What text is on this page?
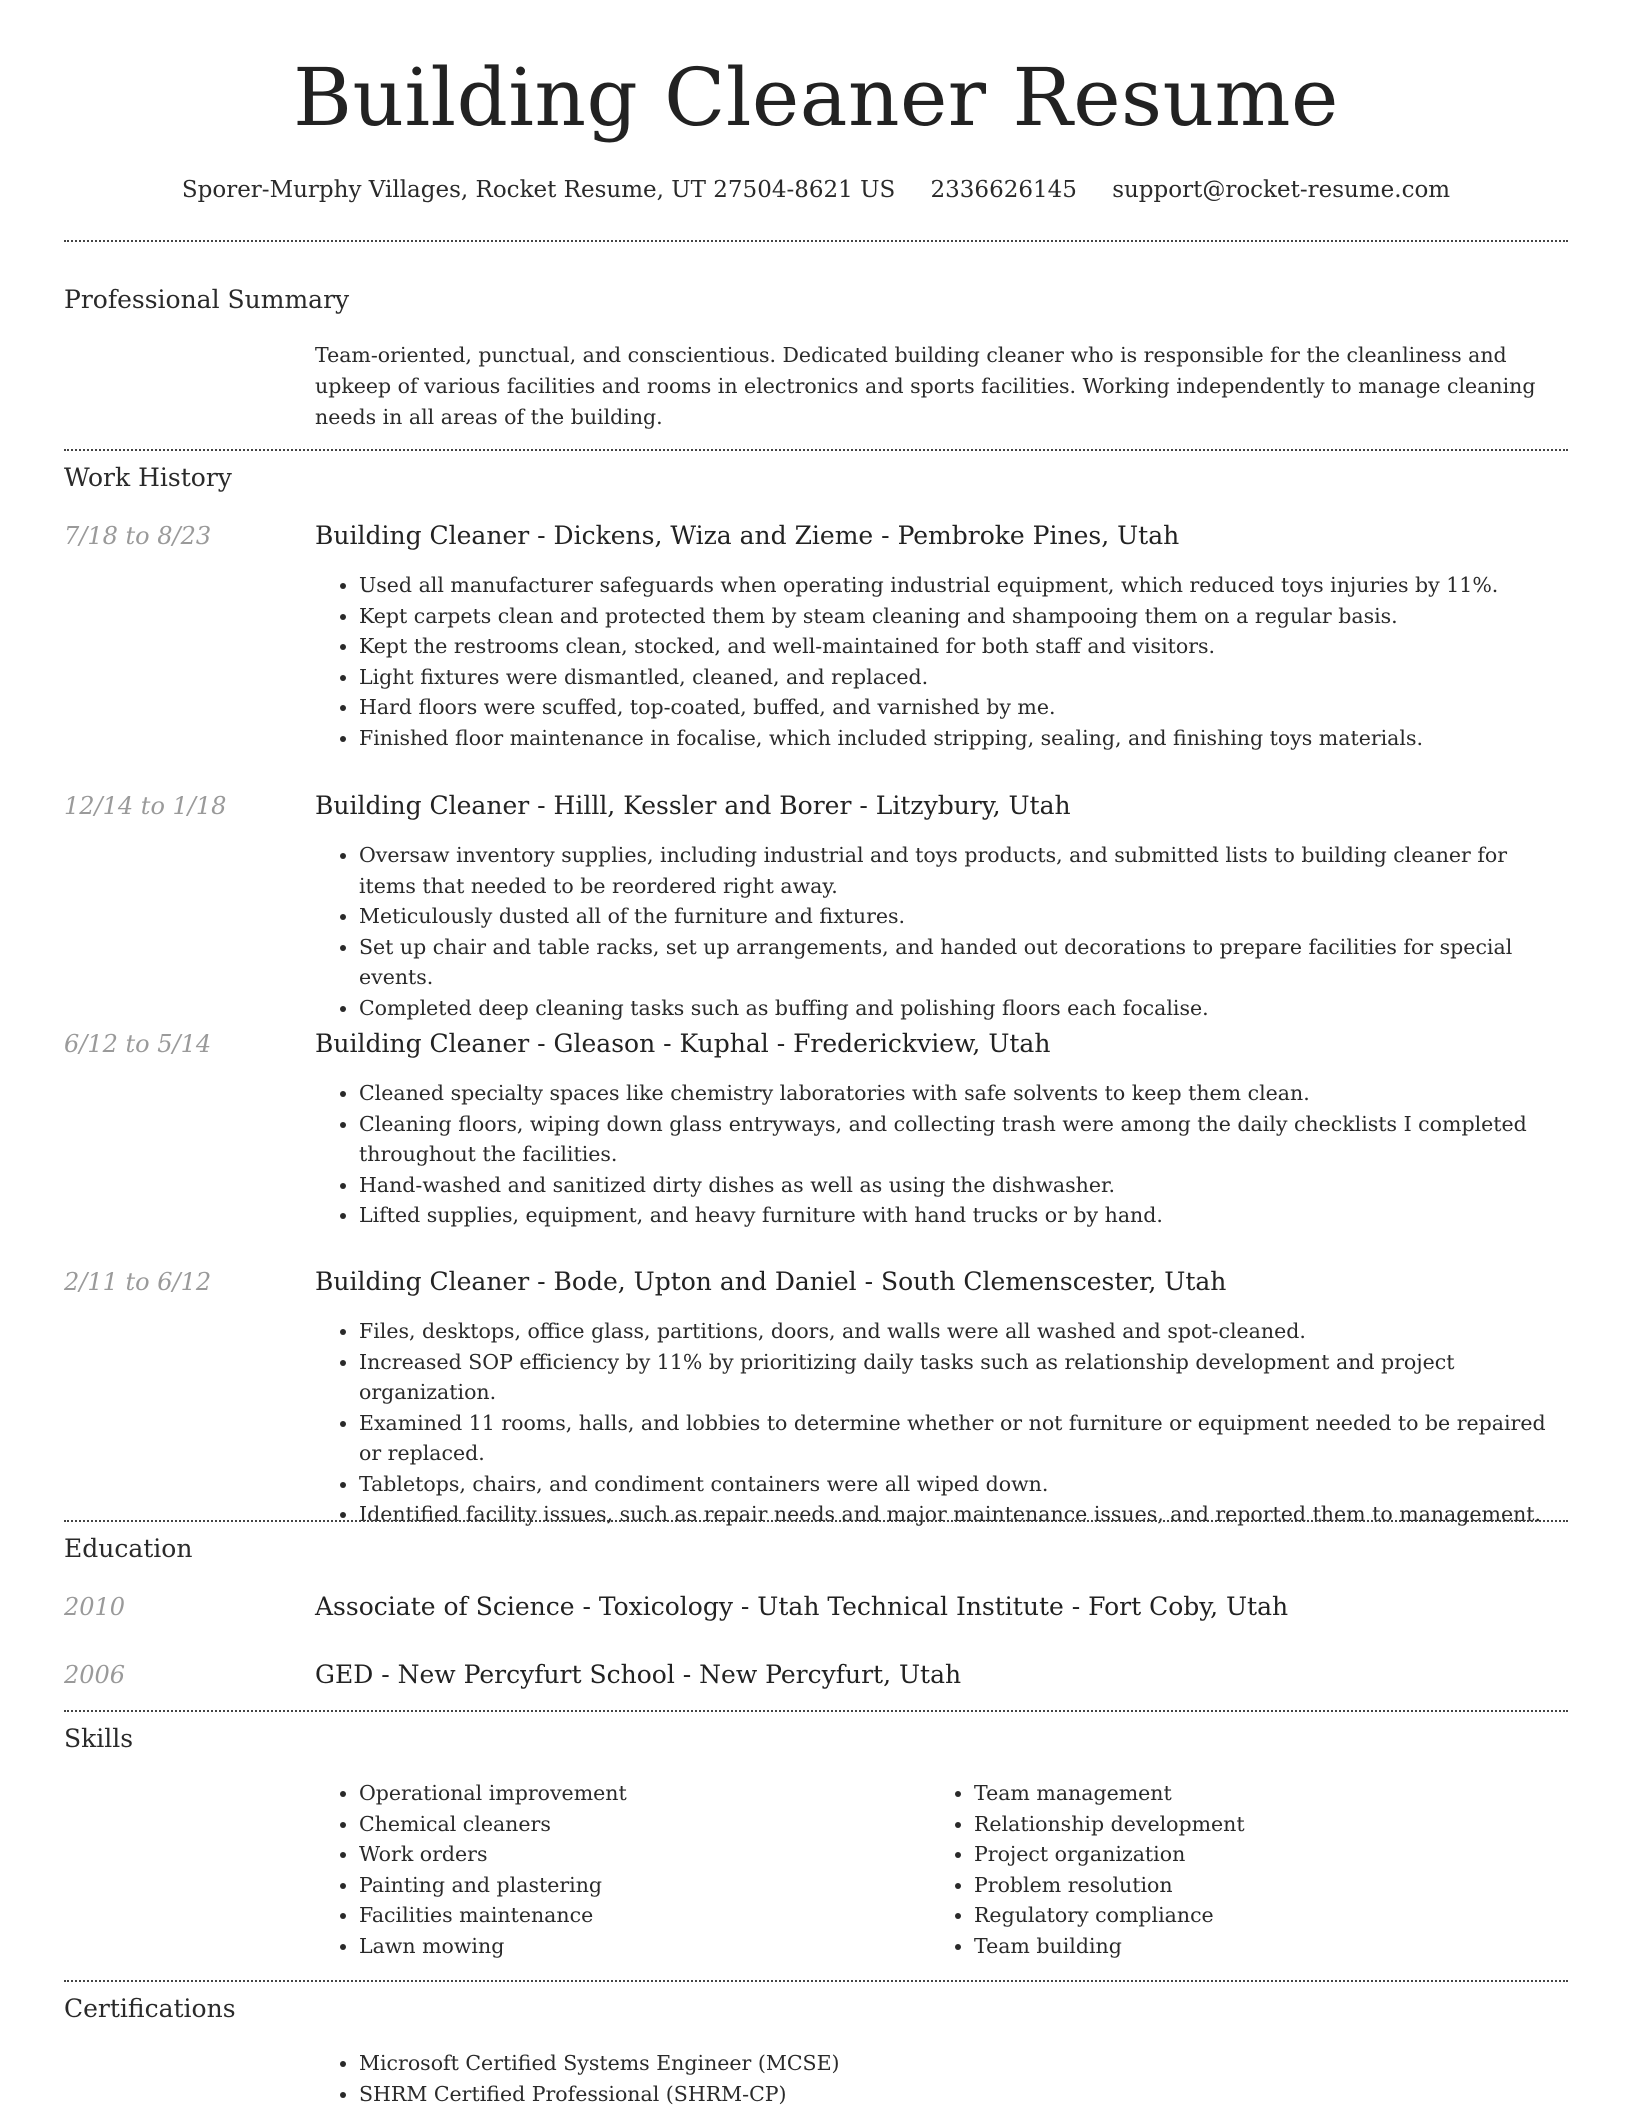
Building Cleaner Resume
Sporer-Murphy Villages, Rocket Resume, UT 27504-8621 US 2336626145 support@rocket-resume.com
Professional Summary

Team-oriented, punctual, and conscientious. Dedicated building cleaner who is responsible for the cleanliness and upkeep of various facilities and rooms in electronics and sports facilities. Working independently to manage cleaning needs in all areas of the building.

Work History
7/18 to 8/23	Building Cleaner - Dickens, Wiza and Zieme - Pembroke Pines, Utah
• Used all manufacturer safeguards when operating industrial equipment, which reduced toys injuries by 11%.
• Kept carpets clean and protected them by steam cleaning and shampooing them on a regular basis.
• Kept the restrooms clean, stocked, and well-maintained for both staff and visitors.
• Light fixtures were dismantled, cleaned, and replaced.
• Hard floors were scuffed, top-coated, buffed, and varnished by me.
• Finished floor maintenance in focalise, which included stripping, sealing, and finishing toys materials.
12/14 to 1/18	Building Cleaner - Hilll, Kessler and Borer - Litzybury, Utah
• Oversaw inventory supplies, including industrial and toys products, and submitted lists to building cleaner for items that needed to be reordered right away.
• Meticulously dusted all of the furniture and fixtures.
• Set up chair and table racks, set up arrangements, and handed out decorations to prepare facilities for special events.
• Completed deep cleaning tasks such as buffing and polishing floors each focalise.
6/12 to 5/14	Building Cleaner - Gleason - Kuphal - Frederickview, Utah
• Cleaned specialty spaces like chemistry laboratories with safe solvents to keep them clean.
• Cleaning floors, wiping down glass entryways, and collecting trash were among the daily checklists I completed throughout the facilities.
• Hand-washed and sanitized dirty dishes as well as using the dishwasher.
• Lifted supplies, equipment, and heavy furniture with hand trucks or by hand.
2/11 to 6/12	Building Cleaner - Bode, Upton and Daniel - South Clemenscester, Utah
• Files, desktops, office glass, partitions, doors, and walls were all washed and spot-cleaned.
• Increased SOP efficiency by 11% by prioritizing daily tasks such as relationship development and project organization.
• Examined 11 rooms, halls, and lobbies to determine whether or not furniture or equipment needed to be repaired or replaced.
• Tabletops, chairs, and condiment containers were all wiped down.
• Identified facility issues, such as repair needs and major maintenance issues, and reported them to management.
Education
2010	Associate of Science - Toxicology - Utah Technical Institute - Fort Coby, Utah
2006	GED - New Percyfurt School - New Percyfurt, Utah
Skills
• Operational improvement
• Chemical cleaners
• Work orders
• Painting and plastering
• Facilities maintenance
• Lawn mowing
• Team management
• Relationship development
• Project organization
• Problem resolution
• Regulatory compliance
• Team building
Certifications
• Microsoft Certified Systems Engineer (MCSE)
• SHRM Certified Professional (SHRM-CP)
